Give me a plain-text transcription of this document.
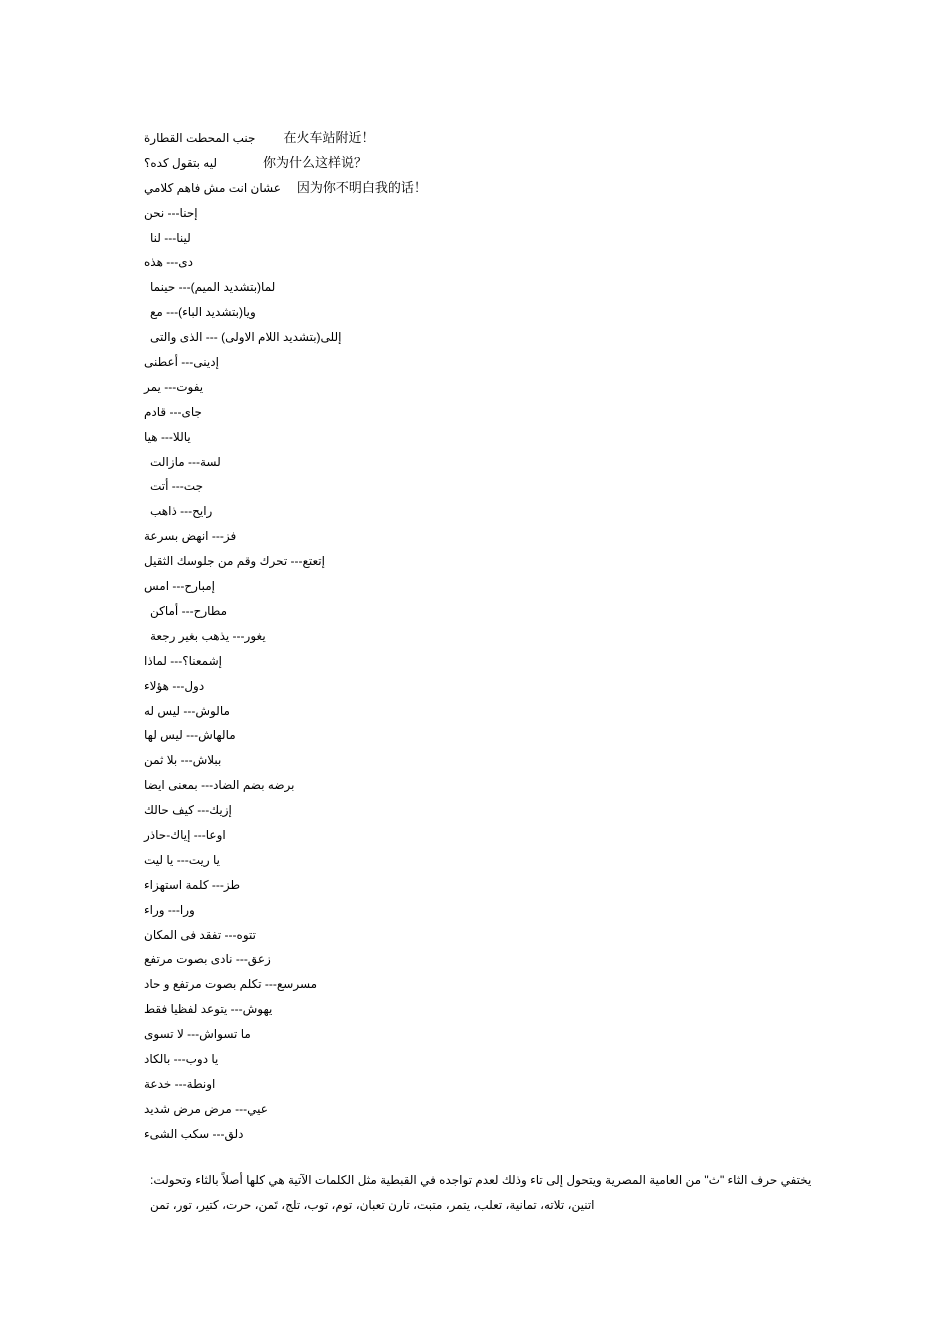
جنب المحطت القطارة 在火车站附近！
ليه بتقول كده؟	你为什么这样说？
عشان انت مش فاهم كلامي 因为你不明白我的话！
إحنا--- نحن
لينا--- لنا
دى--- هذه
لما(بتشديد الميم)--- حينما
ويا(بتشديد الباء)--- مع
إللى(بتشديد اللام الاولى) --- الذى والتى
إدينى--- أعطنى
يفوت--- يمر
جاى--- قادم
ياللا--- هيا
لسة--- مازالت
جت--- أتت
رايح--- ذاهب
فز--- انهض بسرعة
إتعتع--- تحرك وقم من جلوسك الثقيل
إمبارح--- امس
مطارح--- أماكن
يغور--- يذهب بغير رجعة
إشمعنا؟--- لماذا
دول--- هؤلاء
مالوش--- ليس له
مالهاش--- ليس لها
ببلاش--- بلا ثمن
برضه بضم الضاد--- بمعنى ايضا
إزيك--- كيف حالك
اوعا--- إياك-حاذر
يا ريت--- يا ليت
طز--- كلمة استهزاء
ورا--- وراء
تتوه--- تفقد فى المكان
زعق--- نادى بصوت مرتفع
مسرسع--- تكلم بصوت مرتفع و حاد
يهوش--- يتوعد لفظيا فقط
ما تسواش--- لا تسوى
يا دوب--- بالكاد
اونطة--- خدعة
عيي--- مرض مرض شديد
دلق--- سكب الشىء
يختفي حرف الثاء "ث" من العامية المصرية ويتحول إلى تاء وذلك لعدم تواجده في القبطية مثل الكلمات الآتية هي كلها أصلاً بالثاء وتحولت:
اتنين، تلاته، تمانية، تعلب، يتمر، متبت، تارن تعبان، توم، توب، تلج، تَمن، حرت، كتير، تور، تمن
